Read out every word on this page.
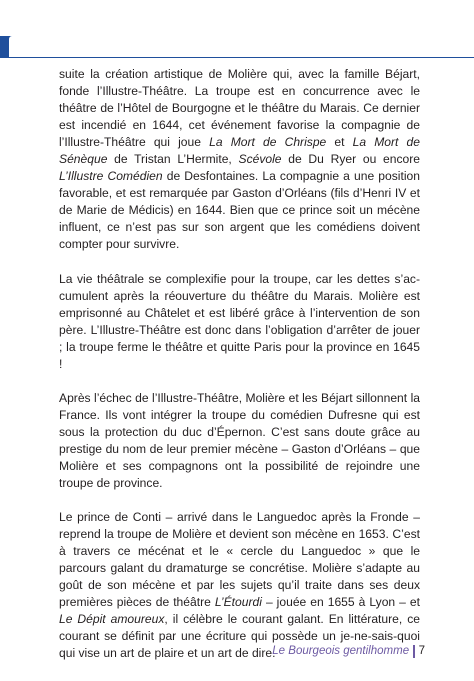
suite la création artistique de Molière qui, avec la famille Béjart, fonde l’Illustre-Théâtre. La troupe est en concurrence avec le théâtre de l’Hôtel de Bourgogne et le théâtre du Marais. Ce dernier est incendié en 1644, cet événement favorise la compagnie de l’Illustre-Théâtre qui joue La Mort de Chrispe et La Mort de Sénèque de Tristan L’Hermite, Scévole de Du Ryer ou encore L’Illustre Comédien de Desfontaines. La compagnie a une position favorable, et est remarquée par Gaston d’Orléans (fils d’Henri IV et de Marie de Médicis) en 1644. Bien que ce prince soit un mécène influent, ce n’est pas sur son argent que les comédiens doivent compter pour survivre.

La vie théâtrale se complexifie pour la troupe, car les dettes s’accumulent après la réouverture du théâtre du Marais. Molière est emprisonné au Châtelet et est libéré grâce à l’intervention de son père. L’Illustre-Théâtre est donc dans l’obligation d’arrêter de jouer ; la troupe ferme le théâtre et quitte Paris pour la province en 1645 !

Après l’échec de l’Illustre-Théâtre, Molière et les Béjart sillonnent la France. Ils vont intégrer la troupe du comédien Dufresne qui est sous la protection du duc d’Épernon. C’est sans doute grâce au prestige du nom de leur premier mécène – Gaston d’Orléans – que Molière et ses compagnons ont la possibilité de rejoindre une troupe de province.

Le prince de Conti – arrivé dans le Languedoc après la Fronde – reprend la troupe de Molière et devient son mécène en 1653. C’est à travers ce mécénat et le « cercle du Languedoc » que le parcours galant du dramaturge se concrétise. Molière s’adapte au goût de son mécène et par les sujets qu’il traite dans ses deux premières pièces de théâtre L’Étourdi – jouée en 1655 à Lyon – et Le Dépit amoureux, il célèbre le courant galant. En littérature, ce courant se définit par une écriture qui possède un je-ne-sais-quoi qui vise un art de plaire et un art de dire.

Le Bourgeois gentilhomme 7
